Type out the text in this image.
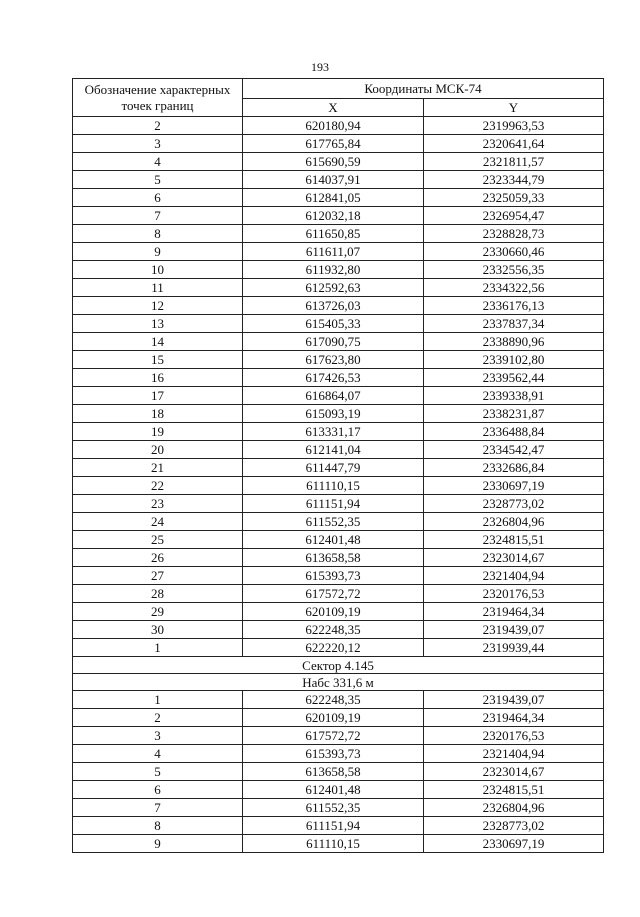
193
Обозначение характерных точек границ	Координаты МСК-74	
	X	Y
2	620180,94	2319963,53
3	617765,84	2320641,64
4	615690,59	2321811,57
5	614037,91	2323344,79
6	612841,05	2325059,33
7	612032,18	2326954,47
8	611650,85	2328828,73
9	611611,07	2330660,46
10	611932,80	2332556,35
11	612592,63	2334322,56
12	613726,03	2336176,13
13	615405,33	2337837,34
14	617090,75	2338890,96
15	617623,80	2339102,80
16	617426,53	2339562,44
17	616864,07	2339338,91
18	615093,19	2338231,87
19	613331,17	2336488,84
20	612141,04	2334542,47
21	611447,79	2332686,84
22	611110,15	2330697,19
23	611151,94	2328773,02
24	611552,35	2326804,96
25	612401,48	2324815,51
26	613658,58	2323014,67
27	615393,73	2321404,94
28	617572,72	2320176,53
29	620109,19	2319464,34
30	622248,35	2319439,07
1	622220,12	2319939,44
Сектор 4.145		
Набс 331,6 м		
1	622248,35	2319439,07
2	620109,19	2319464,34
3	617572,72	2320176,53
4	615393,73	2321404,94
5	613658,58	2323014,67
6	612401,48	2324815,51
7	611552,35	2326804,96
8	611151,94	2328773,02
9	611110,15	2330697,19
